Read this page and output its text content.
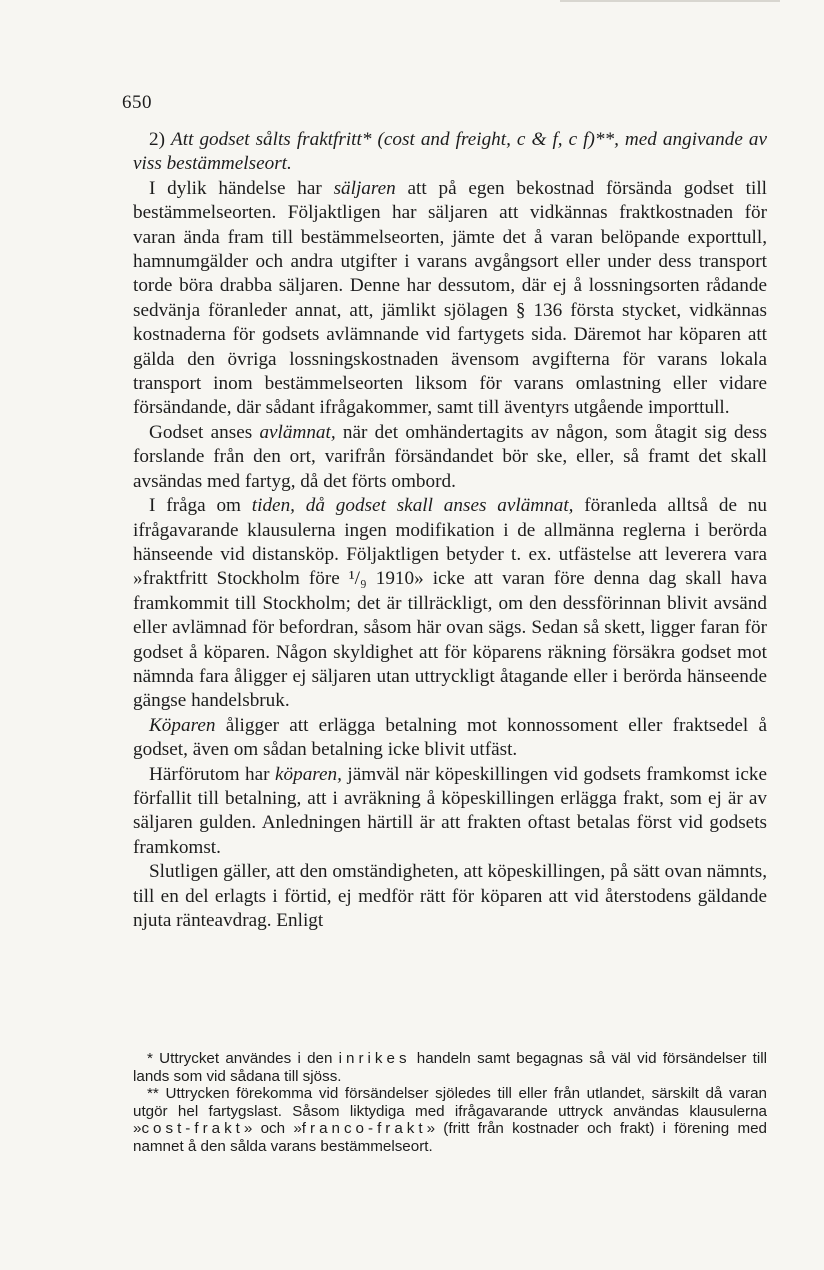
650

2) Att godset sålts fraktfritt* (cost and freight, c & f, c f)**, med angivande av viss bestämmelseort.

I dylik händelse har säljaren att på egen bekostnad försända godset till bestämmelseorten. Följaktligen har säljaren att vidkännas fraktkostnaden för varan ända fram till bestämmelseorten, jämte det å varan belöpande exporttull, hamnumgälder och andra utgifter i varans avgångsort eller under dess transport torde böra drabba säljaren. Denne har dessutom, där ej å lossningsorten rådande sedvänja föranleder annat, att, jämlikt sjölagen § 136 första stycket, vidkännas kostnaderna för godsets avlämnande vid fartygets sida. Däremot har köparen att gälda den övriga lossningskostnaden ävensom avgifterna för varans lokala transport inom bestämmelseorten liksom för varans omlastning eller vidare försändande, där sådant ifrågakommer, samt till äventyrs utgående importtull.

Godset anses avlämnat, när det omhändertagits av någon, som åtagit sig dess forslande från den ort, varifrån försändandet bör ske, eller, så framt det skall avsändas med fartyg, då det förts ombord.

I fråga om tiden, då godset skall anses avlämnat, föranleda alltså de nu ifrågavarande klausulerna ingen modifikation i de allmänna reglerna i berörda hänseende vid distansköp. Följaktligen betyder t. ex. utfästelse att leverera vara »fraktfritt Stockholm före ¹/₉ 1910» icke att varan före denna dag skall hava framkommit till Stockholm; det är tillräckligt, om den dessförinnan blivit avsänd eller avlämnad för befordran, såsom här ovan sägs. Sedan så skett, ligger faran för godset å köparen. Någon skyldighet att för köparens räkning försäkra godset mot nämnda fara åligger ej säljaren utan uttryckligt åtagande eller i berörda hänseende gängse handelsbruk.

Köparen åligger att erlägga betalning mot konnossoment eller fraktsedel å godset, även om sådan betalning icke blivit utfäst.

Härförutom har köparen, jämväl när köpeskillingen vid godsets framkomst icke förfallit till betalning, att i avräkning å köpeskillingen erlägga frakt, som ej är av säljaren gulden. Anledningen härtill är att frakten oftast betalas först vid godsets framkomst.

Slutligen gäller, att den omständigheten, att köpeskillingen, på sätt ovan nämnts, till en del erlagts i förtid, ej medför rätt för köparen att vid återstodens gäldande njuta ränteavdrag. Enligt

* Uttrycket användes i den inrikes handeln samt begagnas så väl vid försändelser till lands som vid sådana till sjöss.

** Uttrycken förekomma vid försändelser sjöledes till eller från utlandet, särskilt då varan utgör hel fartygslast. Såsom liktydiga med ifrågavarande uttryck användas klausulerna »cost-frakt» och »franco-frakt» (fritt från kostnader och frakt) i förening med namnet å den sålda varans bestämmelseort.
